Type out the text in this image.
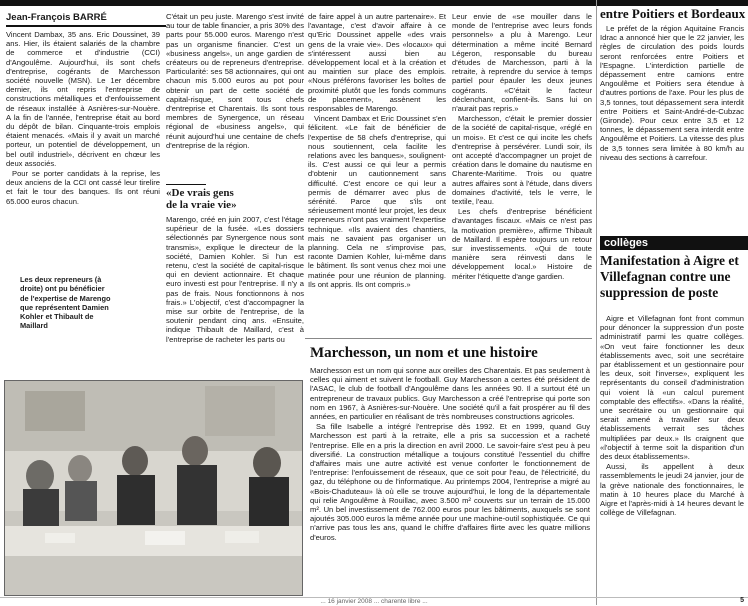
Jean-François BARRÉ

Vincent Dambax, 35 ans. Eric Doussinet, 39 ans. Hier, ils étaient salariés de la chambre de commerce et d'industrie (CCI) d'Angoulême. Aujourd'hui, ils sont chefs d'entreprise, cogérants de Marchesson société nouvelle (MSN). Le 1er décembre dernier, ils ont repris l'entreprise de constructions métalliques et d'enfouissement de réseaux installée à Asnières-sur-Nouère. A la fin de l'année, l'entreprise était au bord du dépôt de bilan. Cinquante-trois emplois étaient menacés. «Mais il y avait un marché porteur, un potentiel de développement, un bel outil industriel», décrivent en chœur les deux associés.

Pour se porter candidats à la reprise, les deux anciens de la CCI ont cassé leur tirelire et fait le tour des banques. Ils ont réuni 65.000 euros chacun.

C'était un peu juste. Marengo s'est invité au tour de table financier, a pris 30% des parts pour 55.000 euros. Marengo n'est pas un organisme financier. C'est un «business angels», un ange gardien de créateurs ou de repreneurs d'entreprise. Particularité: ses 58 actionnaires, qui ont chacun mis 5.000 euros au pot pour obtenir un part de cette société de capital-risque, sont tous chefs d'entreprise et Charentais. Ils sont tous membres de Synergence, un réseau régional de «business angels», qui réunit aujourd'hui une centaine de chefs d'entreprise de la région.

«De vrais gens de la vraie vie»

Marengo, créé en juin 2007, c'est l'étage supérieur de la fusée. «Les dossiers sélectionnés par Synergence nous sont transmis», explique le directeur de la société, Damien Kohler. Si l'un est retenu, c'est la société de capital-risque qui en devient actionnaire. Et chaque euro investi est pour l'entreprise. Il n'y a pas de frais. Nous fonctionnons à nos frais.» L'objectif, c'est d'accompagner la mise sur orbite de l'entreprise, de la soutenir pendant cinq ans. «Ensuite, indique Thibault de Maillard, c'est à l'entreprise de racheter les parts ou

de faire appel à un autre partenaire». Et l'avantage, c'est d'avoir affaire à ce qu'Eric Doussinet appelle «des vrais gens de la vraie vie». Des «locaux» qui s'intéressent aussi bien au développement local et à la création et au maintien sur place des emplois. «Nous préférons favoriser les boîtes de proximité plutôt que les fonds communs de placement», assènent les responsables de Marengo.

Vincent Dambax et Eric Doussinet s'en félicitent. «Le fait de bénéficier de l'expertise de 58 chefs d'entreprise, qui nous soutiennent, cela facilite les relations avec les banques», soulignent-ils. C'est aussi ce qui leur a permis d'obtenir un cautionnement sans difficulté. C'est encore ce qui leur a permis de démarrer avec plus de sérénité. Parce que s'ils ont sérieusement monté leur projet, les deux repreneurs n'ont pas vraiment l'expertise technique. «Ils avaient des chantiers, mais ne savaient pas organiser un planning. Cela ne s'improvise pas, raconte Damien Kohler, lui-même dans le bâtiment. Ils sont venus chez moi une matinée pour une réunion de planning. Ils ont appris. Ils ont compris.»

Leur envie de «se mouiller dans le monde de l'entreprise avec leurs fonds personnels» a plu à Marengo. Leur détermination a même incité Bernard Légeron, responsable du bureau d'études de Marchesson, parti à la retraite, à reprendre du service à temps partiel pour épauler les deux jeunes cogérants. «C'était le facteur déclenchant, confient-ils. Sans lui on n'aurait pas repris.»

Marchesson, c'était le premier dossier de la société de capital-risque, «réglé en un mois». Et c'est ce qui incite les chefs d'entreprise à persévérer. Lundi soir, ils ont accepté d'accompagner un projet de création dans le domaine du nautisme en Charente-Maritime. Trois ou quatre autres affaires sont à l'étude, dans divers domaines d'activité, tels le verre, le textile, l'eau.

Les chefs d'entreprise bénéficient d'avantages fiscaux. «Mais ce n'est pas la motivation première», affirme Thibault de Maillard. Il espère toujours un retour sur investissements. «Qui de toute manière sera réinvesti dans le développement local.» Histoire de mériter l'étiquette d'ange gardien.

Les deux repreneurs (à droite) ont pu bénéficier de l'expertise de Marengo que représentent Damien Kohler et Thibault de Maillard
Marchesson, un nom et une histoire

Marchesson est un nom qui sonne aux oreilles des Charentais. Et pas seulement à celles qui aiment et suivent le football. Guy Marchesson a certes été président de l'ASAC, le club de football d'Angoulême dans les années 90. Il a surtout été un entrepreneur de travaux publics. Guy Marchesson a créé l'entreprise qui porte son nom en 1967, à Asnières-sur-Nouère. Une société qu'il a fait prospérer au fil des années, en particulier en réalisant de très nombreuses constructions agricoles.

Sa fille Isabelle a intégré l'entreprise dès 1992. Et en 1999, quand Guy Marchesson est parti à la retraite, elle a pris sa succession et a racheté l'entreprise. Elle en a pris la direction en avril 2000. Le savoir-faire s'est peu à peu diversifié. La construction métallique a toujours constitué l'essentiel du chiffre d'affaires mais une autre activité est venue conforter le fonctionnement de l'entreprise: l'enfouissement de réseaux, que ce soit pour l'eau, de l'électricité, du gaz, du téléphone ou de l'informatique. Au printemps 2004, l'entreprise a migré au «Bois-Chaduteau» là où elle se trouve aujourd'hui, le long de la départementale qui relie Angoulême à Rouillac, avec 3.500 m² couverts sur un terrain de 15.000 m². Un bel investissement de 762.000 euros pour les bâtiments, auxquels se sont ajoutés 305.000 euros la même année pour une machine-outil sophistiquée. Ce qui n'arrive pas tous les ans, quand le chiffre d'affaires flirte avec les quatre millions d'euros.

entre Poitiers et Bordeaux

Le préfet de la région Aquitaine Francis Idrac a annoncé hier que le 22 janvier, les règles de circulation des poids lourds seront renforcées entre Poitiers et l'Espagne. L'interdiction partielle de dépassement entre camions entre Angoulême et Poitiers sera étendue à d'autres portions de l'axe. Pour les plus de 3,5 tonnes, tout dépassement sera interdit entre Poitiers et Saint-André-de-Cubzac (Gironde). Pour ceux entre 3,5 et 12 tonnes, le dépassement sera interdit entre Angoulême et Poitiers. La vitesse des plus de 3,5 tonnes sera limitée à 80 km/h au niveau des sections à carrefour.

collèges
Manifestation à Aigre et Villefagnan contre une suppression de poste

Aigre et Villefagnan font front commun pour dénoncer la suppression d'un poste administratif parmi les quatre collèges. «On veut faire fonctionner les deux établissements avec, soit une secrétaire par établissement et un gestionnaire pour les deux, soit l'inverse», expliquent les représentants du conseil d'administration qui voient là «un calcul purement comptable des effectifs». «Dans la réalité, une secrétaire ou un gestionnaire qui serait amené à travailler sur deux établissements verrait ses tâches multipliées par deux.» Ils craignent que «l'objectif à terme soit la disparition d'un des deux établissements».

Aussi, ils appellent à deux rassemblements le jeudi 24 janvier, jour de la grève nationale des fonctionnaires, le matin à 10 heures place du Marché à Aigre et l'après-midi à 14 heures devant le collège de Villefagnan.

... 16 janvier 2008 ... charente libre ...	5
